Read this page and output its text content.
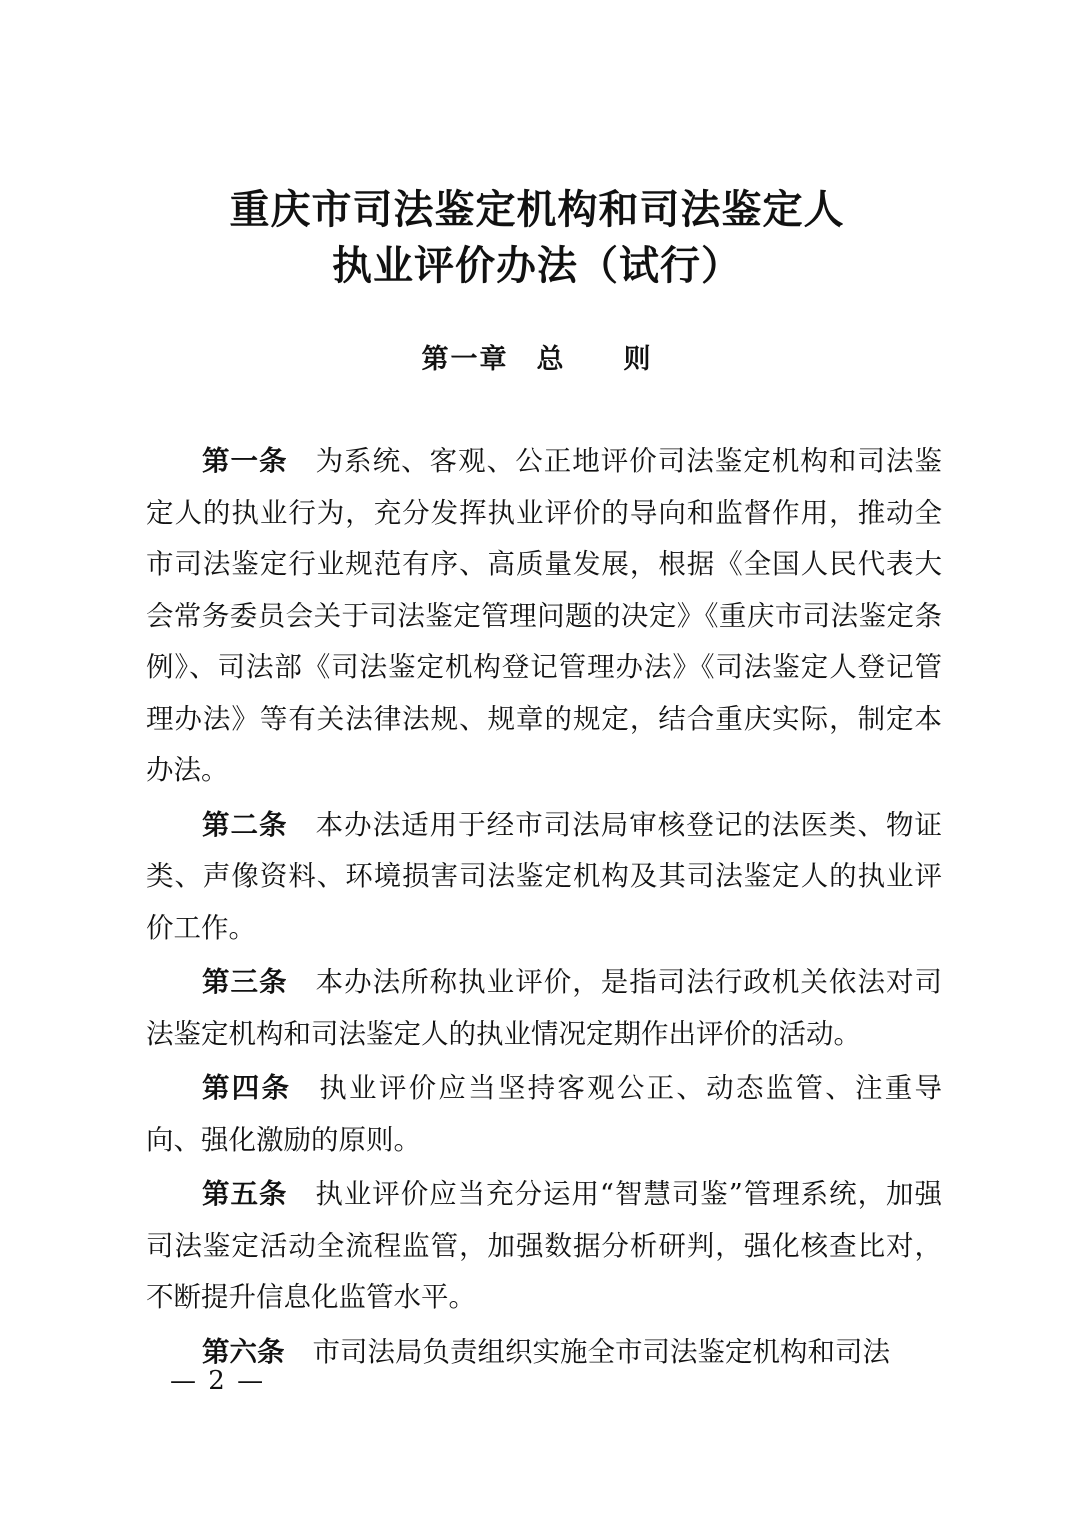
重庆市司法鉴定机构和司法鉴定人
执业评价办法（试行）
第一章 总 则

第一条 为系统、客观、公正地评价司法鉴定机构和司法鉴定人的执业行为，充分发挥执业评价的导向和监督作用，推动全市司法鉴定行业规范有序、高质量发展，根据《全国人民代表大会常务委员会关于司法鉴定管理问题的决定》《重庆市司法鉴定条例》、司法部《司法鉴定机构登记管理办法》《司法鉴定人登记管理办法》等有关法律法规、规章的规定，结合重庆实际，制定本办法。

第二条 本办法适用于经市司法局审核登记的法医类、物证类、声像资料、环境损害司法鉴定机构及其司法鉴定人的执业评价工作。

第三条 本办法所称执业评价，是指司法行政机关依法对司法鉴定机构和司法鉴定人的执业情况定期作出评价的活动。

第四条 执业评价应当坚持客观公正、动态监管、注重导向、强化激励的原则。

第五条 执业评价应当充分运用“智慧司鉴”管理系统，加强司法鉴定活动全流程监管，加强数据分析研判，强化核查比对，不断提升信息化监管水平。

第六条 市司法局负责组织实施全市司法鉴定机构和司法

— 2 —
